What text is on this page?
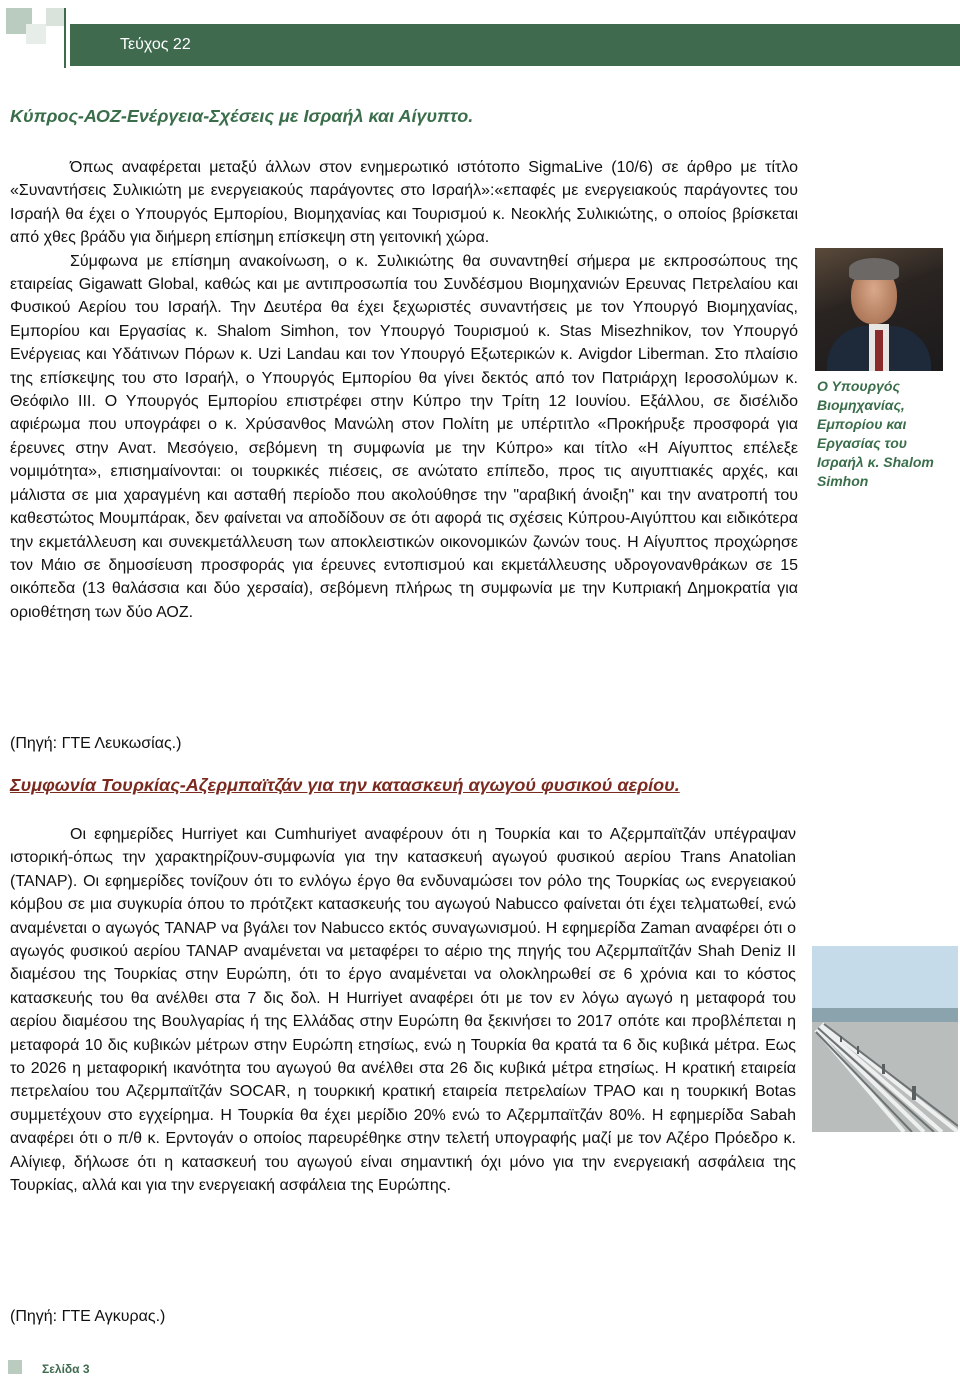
Τεύχος 22
Κύπρος-ΑΟΖ-Ενέργεια-Σχέσεις με Ισραήλ και Αίγυπτο.

Όπως αναφέρεται μεταξύ άλλων στον ενημερωτικό ιστότοπο SigmaLive (10/6) σε άρθρο με τίτλο «Συναντήσεις Συλικιώτη με ενεργειακούς παράγοντες στο Ισραήλ»:«επαφές με ενεργειακούς παράγοντες του Ισραήλ θα έχει ο Υπουργός Εμπορίου, Βιομηχανίας και Τουρισμού κ. Νεοκλής Συλικιώτης, ο οποίος βρίσκεται από χθες βράδυ για διήμερη επίσημη επίσκεψη στη γειτονική χώρα.

Σύμφωνα με επίσημη ανακοίνωση, ο κ. Συλικιώτης θα συναντηθεί σήμερα με εκπροσώπους της εταιρείας Gigawatt Global, καθώς και με αντιπροσωπία του Συνδέσμου Βιομηχανιών Ερευνας Πετρελαίου και Φυσικού Αερίου του Ισραήλ. Την Δευτέρα θα έχει ξεχωριστές συναντήσεις με τον Υπουργό Βιομηχανίας, Εμπορίου και Εργασίας κ. Shalom Simhon, τον Υπουργό Τουρισμού κ. Stas Misezhnikov, τον Υπουργό Ενέργειας και Υδάτινων Πόρων κ. Uzi Landau και τον Υπουργό Εξωτερικών κ. Avigdor Liberman. Στο πλαίσιο της επίσκεψης του στο Ισραήλ, ο Υπουργός Εμπορίου θα γίνει δεκτός από τον Πατριάρχη Ιεροσολύμων κ. Θεόφιλο ΙΙΙ. Ο Υπουργός Εμπορίου επιστρέφει στην Κύπρο την Τρίτη 12 Ιουνίου. Εξάλλου, σε δισέλιδο αφιέρωμα που υπογράφει ο κ. Χρύσανθος Μανώλη στον Πολίτη με υπέρτιτλο «Προκήρυξε προσφορά για έρευνες στην Ανατ. Μεσόγειο, σεβόμενη τη συμφωνία με την Κύπρο» και τίτλο «Η Αίγυπτος επέλεξε νομιμότητα», επισημαίνονται: οι τουρκικές πιέσεις, σε ανώτατο επίπεδο, προς τις αιγυπτιακές αρχές, και μάλιστα σε μια χαραγμένη και ασταθή περίοδο που ακολούθησε την "αραβική άνοιξη" και την ανατροπή του καθεστώτος Μουμπάρακ, δεν φαίνεται να αποδίδουν σε ότι αφορά τις σχέσεις Κύπρου-Αιγύπτου και ειδικότερα την εκμετάλλευση και συνεκμετάλλευση των αποκλειστικών οικονομικών ζωνών τους. Η Αίγυπτος προχώρησε τον Μάιο σε δημοσίευση προσφοράς για έρευνες εντοπισμού και εκμετάλλευσης υδρογονανθράκων σε 15 οικόπεδα (13 θαλάσσια και δύο χερσαία), σεβόμενη πλήρως τη συμφωνία με την Κυπριακή Δημοκρατία για οριοθέτηση των δύο ΑΟΖ.

Ο Υπουργός Βιομηχανίας, Εμπορίου και Εργασίας του Ισραήλ κ. Shalom Simhon
(Πηγή: ΓΤΕ Λευκωσίας.)
Συμφωνία Τουρκίας-Αζερμπαϊτζάν για την κατασκευή αγωγού φυσικού αερίου.

Οι εφημερίδες Hurriyet και Cumhuriyet αναφέρουν ότι η Τουρκία και το Αζερμπαϊτζάν υπέγραψαν ιστορική-όπως την χαρακτηρίζουν-συμφωνία για την κατασκευή αγωγού φυσικού αερίου Trans Anatolian (TANAP). Οι εφημερίδες τονίζουν ότι το ενλόγω έργο θα ενδυναμώσει τον ρόλο της Τουρκίας ως ενεργειακού κόμβου σε μια συγκυρία όπου το πρότζεκτ κατασκευής του αγωγού Nabucco φαίνεται ότι έχει τελματωθεί, ενώ αναμένεται ο αγωγός TANAP να βγάλει τον Nabucco εκτός συναγωνισμού. Η εφημερίδα Zaman αναφέρει ότι ο αγωγός φυσικού αερίου TANAP αναμένεται να μεταφέρει το αέριο της πηγής του Αζερμπαϊτζάν Shah Deniz II διαμέσου της Τουρκίας στην Ευρώπη, ότι το έργο αναμένεται να ολοκληρωθεί σε 6 χρόνια και το κόστος κατασκευής του θα ανέλθει στα 7 δις δολ. Η Hurriyet αναφέρει ότι με τον εν λόγω αγωγό η μεταφορά του αερίου διαμέσου της Βουλγαρίας ή της Ελλάδας στην Ευρώπη θα ξεκινήσει το 2017 οπότε και προβλέπεται η μεταφορά 10 δις κυβικών μέτρων στην Ευρώπη ετησίως, ενώ η Τουρκία θα κρατά τα 6 δις κυβικά μέτρα. Εως το 2026 η μεταφορική ικανότητα του αγωγού θα ανέλθει στα 26 δις κυβικά μέτρα ετησίως. Η κρατική εταιρεία πετρελαίου του Αζερμπαϊτζάν SOCAR, η τουρκική κρατική εταιρεία πετρελαίων TPAO και η τουρκική Botas συμμετέχουν στο εγχείρημα. Η Τουρκία θα έχει μερίδιο 20% ενώ το Αζερμπαϊτζάν 80%. Η εφημερίδα Sabah αναφέρει ότι ο π/θ κ. Ερντογάν ο οποίος παρευρέθηκε στην τελετή υπογραφής μαζί με τον Αζέρο Πρόεδρο κ. Αλίγιεφ, δήλωσε ότι η κατασκευή του αγωγού είναι σημαντική όχι μόνο για την ενεργειακή ασφάλεια της Τουρκίας, αλλά και για την ενεργειακή ασφάλεια της Ευρώπης.

(Πηγή: ΓΤΕ Αγκυρας.)
Σελίδα 3
